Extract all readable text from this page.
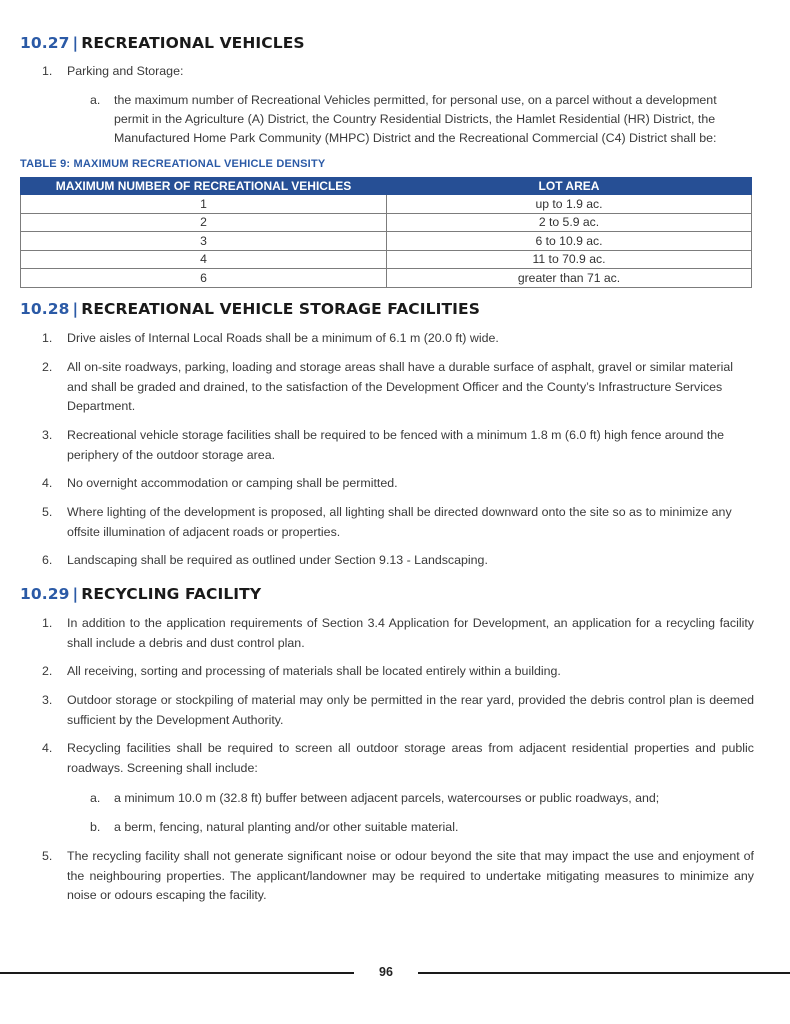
10.27 | RECREATIONAL VEHICLES
1.	Parking and Storage:
a.	the maximum number of Recreational Vehicles permitted, for personal use, on a parcel without a development permit in the Agriculture (A) District, the Country Residential Districts, the Hamlet Residential (HR) District, the Manufactured Home Park Community (MHPC) District and the Recreational Commercial (C4) District shall be:
TABLE 9: MAXIMUM RECREATIONAL VEHICLE DENSITY
MAXIMUM NUMBER OF RECREATIONAL VEHICLES	LOT AREA
1	up to 1.9 ac.
2	2 to 5.9 ac.
3	6 to 10.9 ac.
4	11 to 70.9 ac.
6	greater than 71 ac.
10.28 | RECREATIONAL VEHICLE STORAGE FACILITIES
1.	Drive aisles of Internal Local Roads shall be a minimum of 6.1 m (20.0 ft) wide.
2.	All on-site roadways, parking, loading and storage areas shall have a durable surface of asphalt, gravel or similar material and shall be graded and drained, to the satisfaction of the Development Officer and the County’s Infrastructure Services Department.
3.	Recreational vehicle storage facilities shall be required to be fenced with a minimum 1.8 m (6.0 ft) high fence around the periphery of the outdoor storage area.
4.	No overnight accommodation or camping shall be permitted.
5.	Where lighting of the development is proposed, all lighting shall be directed downward onto the site so as to minimize any offsite illumination of adjacent roads or properties.
6.	Landscaping shall be required as outlined under Section 9.13 - Landscaping.
10.29 | RECYCLING FACILITY
1.	In addition to the application requirements of Section 3.4 Application for Development, an application for a recycling facility shall include a debris and dust control plan.
2.	All receiving, sorting and processing of materials shall be located entirely within a building.
3.	Outdoor storage or stockpiling of material may only be permitted in the rear yard, provided the debris control plan is deemed sufficient by the Development Authority.
4.	Recycling facilities shall be required to screen all outdoor storage areas from adjacent residential properties and public roadways. Screening shall include:
a.	a minimum 10.0 m (32.8 ft) buffer between adjacent parcels, watercourses or public roadways, and;
b.	a berm, fencing, natural planting and/or other suitable material.
5.	The recycling facility shall not generate significant noise or odour beyond the site that may impact the use and enjoyment of the neighbouring properties. The applicant/landowner may be required to undertake mitigating measures to minimize any noise or odours escaping the facility.
96
